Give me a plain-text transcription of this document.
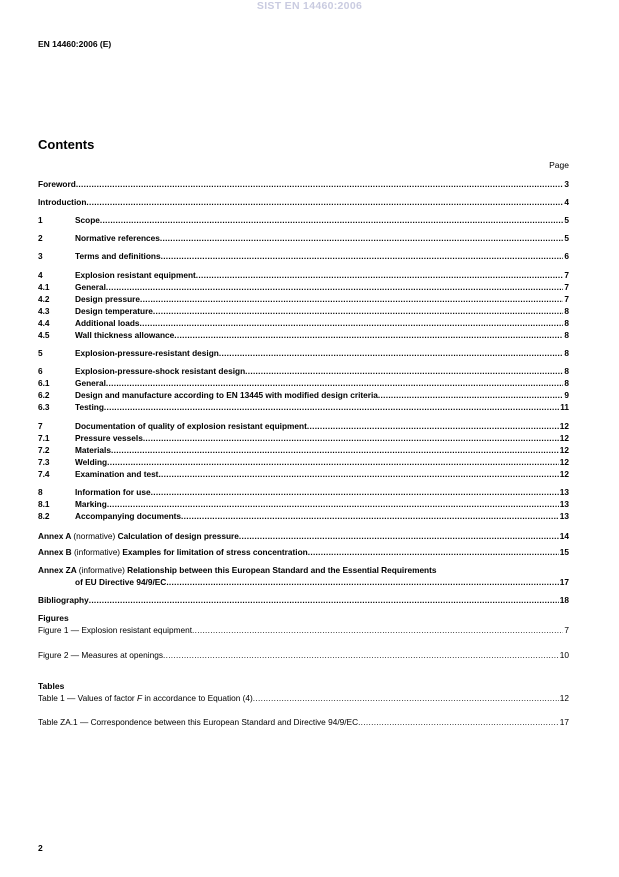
SIST EN 14460:2006
EN 14460:2006 (E)
Contents
Page
Foreword .....	3
Introduction .....	4
1	Scope .....	5
2	Normative references .....	5
3	Terms and definitions .....	6
4	Explosion resistant equipment .....	7
4.1	General .....	7
4.2	Design pressure .....	7
4.3	Design temperature .....	8
4.4	Additional loads .....	8
4.5	Wall thickness allowance .....	8
5	Explosion-pressure-resistant design .....	8
6	Explosion-pressure-shock resistant design .....	8
6.1	General .....	8
6.2	Design and manufacture according to EN 13445 with modified design criteria .....	9
6.3	Testing .....	11
7	Documentation of quality of explosion resistant equipment .....	12
7.1	Pressure vessels .....	12
7.2	Materials .....	12
7.3	Welding .....	12
7.4	Examination and test .....	12
8	Information for use .....	13
8.1	Marking .....	13
8.2	Accompanying documents .....	13
Annex A (normative) Calculation of design pressure .....	14
Annex B (informative) Examples for limitation of stress concentration .....	15
Annex ZA (informative) Relationship between this European Standard and the Essential Requirements
of EU Directive 94/9/EC .....	17
Bibliography .....	18
Figures
Figure 1 — Explosion resistant equipment .....	7
Figure 2 — Measures at openings .....	10
Tables
Table 1 — Values of factor F in accordance to Equation (4) .....	12
Table ZA.1 — Correspondence between this European Standard and Directive 94/9/EC .....	17
2
